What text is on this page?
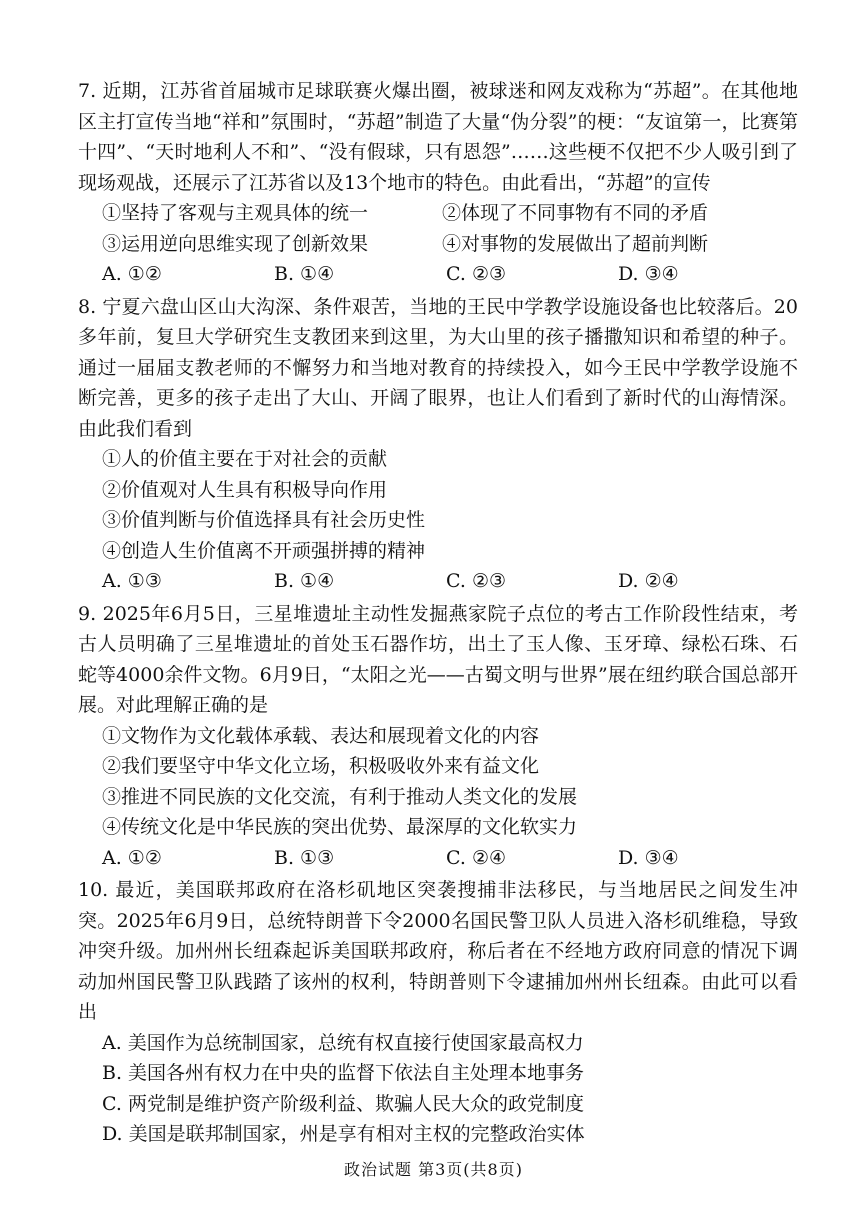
7. 近期，江苏省首届城市足球联赛火爆出圈，被球迷和网友戏称为“苏超”。在其他地区主打宣传当地“祥和”氛围时，“苏超”制造了大量“伪分裂”的梗：“友谊第一，比赛第十四”、“天时地利人不和”、“没有假球，只有恩怨”……这些梗不仅把不少人吸引到了现场观战，还展示了江苏省以及13个地市的特色。由此看出，“苏超”的宣传
①坚持了客观与主观具体的统一	②体现了不同事物有不同的矛盾
③运用逆向思维实现了创新效果	④对事物的发展做出了超前判断
A. ①②	B. ①④	C. ②③	D. ③④
8. 宁夏六盘山区山大沟深、条件艰苦，当地的王民中学教学设施设备也比较落后。20多年前，复旦大学研究生支教团来到这里，为大山里的孩子播撒知识和希望的种子。通过一届届支教老师的不懈努力和当地对教育的持续投入，如今王民中学教学设施不断完善，更多的孩子走出了大山、开阔了眼界，也让人们看到了新时代的山海情深。由此我们看到
①人的价值主要在于对社会的贡献
②价值观对人生具有积极导向作用
③价值判断与价值选择具有社会历史性
④创造人生价值离不开顽强拼搏的精神
A. ①③	B. ①④	C. ②③	D. ②④
9. 2025年6月5日，三星堆遗址主动性发掘燕家院子点位的考古工作阶段性结束，考古人员明确了三星堆遗址的首处玉石器作坊，出土了玉人像、玉牙璋、绿松石珠、石蛇等4000余件文物。6月9日，“太阳之光——古蜀文明与世界”展在纽约联合国总部开展。对此理解正确的是
①文物作为文化载体承载、表达和展现着文化的内容
②我们要坚守中华文化立场，积极吸收外来有益文化
③推进不同民族的文化交流，有利于推动人类文化的发展
④传统文化是中华民族的突出优势、最深厚的文化软实力
A. ①②	B. ①③	C. ②④	D. ③④
10. 最近，美国联邦政府在洛杉矶地区突袭搜捕非法移民，与当地居民之间发生冲突。2025年6月9日，总统特朗普下令2000名国民警卫队人员进入洛杉矶维稳，导致冲突升级。加州州长纽森起诉美国联邦政府，称后者在不经地方政府同意的情况下调动加州国民警卫队践踏了该州的权利，特朗普则下令逮捕加州州长纽森。由此可以看出
A. 美国作为总统制国家，总统有权直接行使国家最高权力
B. 美国各州有权力在中央的监督下依法自主处理本地事务
C. 两党制是维护资产阶级利益、欺骗人民大众的政党制度
D. 美国是联邦制国家，州是享有相对主权的完整政治实体
政治试题 第3页(共8页)
